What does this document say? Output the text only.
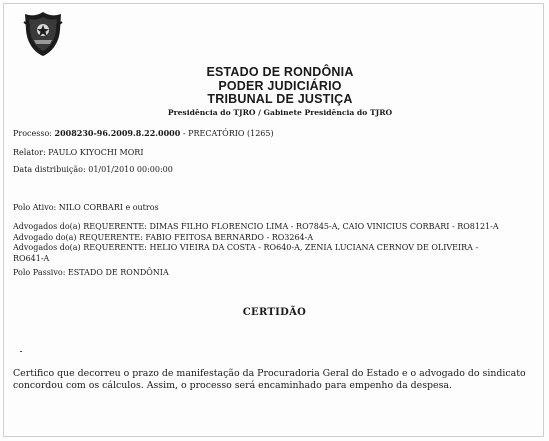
ESTADO DE RONDÔNIA
PODER JUDICIÁRIO
TRIBUNAL DE JUSTIÇA
Presidência do TJRO / Gabinete Presidência do TJRO
Processo: 2008230-96.2009.8.22.0000 - PRECATÓRIO (1265)
Relator: PAULO KIYOCHI MORI
Data distribuição: 01/01/2010 00:00:00
Polo Ativo: NILO CORBARI e outros
Advogados do(a) REQUERENTE: DIMAS FILHO FLORENCIO LIMA - RO7845-A, CAIO VINICIUS CORBARI - RO8121-A
Advogado do(a) REQUERENTE: FABIO FEITOSA BERNARDO - RO3264-A
Advogados do(a) REQUERENTE: HELIO VIEIRA DA COSTA - RO640-A, ZENIA LUCIANA CERNOV DE OLIVEIRA -
RO641-A
Polo Passivo: ESTADO DE RONDÔNIA
CERTIDÃO
Certifico que decorreu o prazo de manifestação da Procuradoria Geral do Estado e o advogado do sindicato
concordou com os cálculos. Assim, o processo será encaminhado para empenho da despesa.
